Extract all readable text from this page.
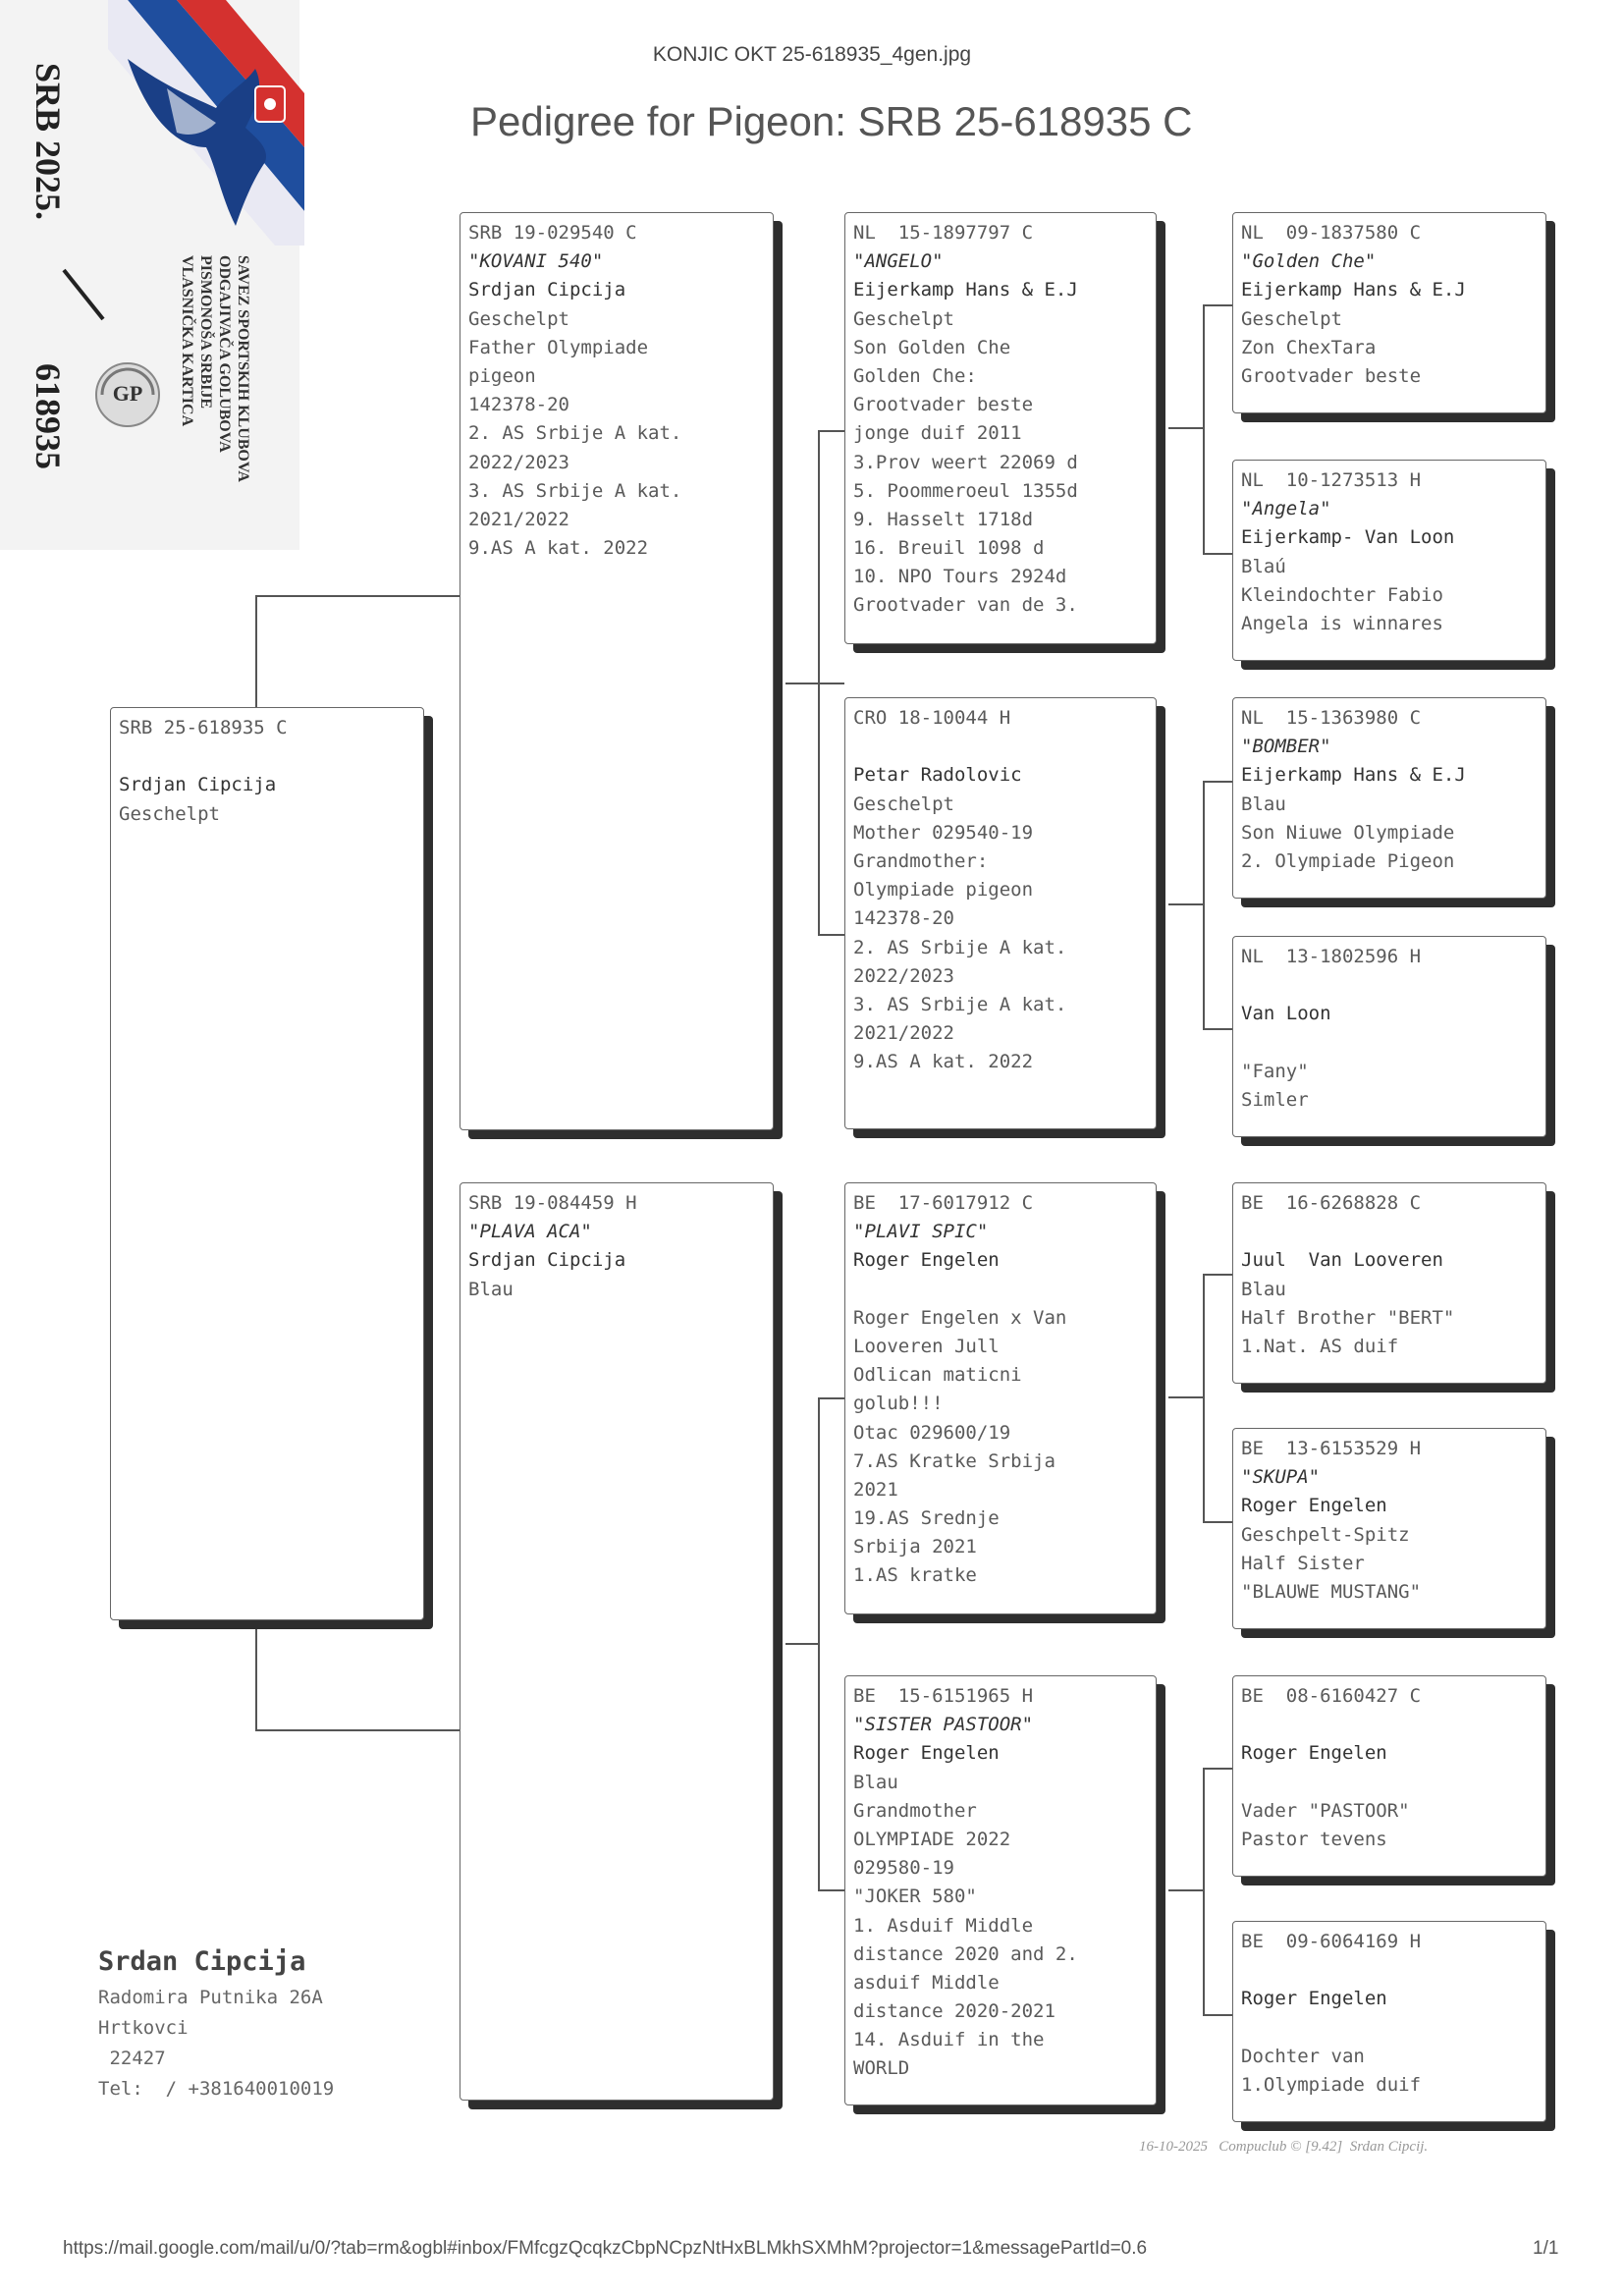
SRB 2025.
618935	SAVEZ SPORTSKIH KLUBOVA
ODGAJIVAČA GOLUBOVA
PISMONOŠA SRBIJE
VLASNIČKA KARTICA
GP
KONJIC OKT 25-618935_4gen.jpg
Pedigree for Pigeon: SRB 25-618935 C
SRB 25-618935 C
Srdjan Cipcija
Geschelpt
SRB 19-029540 C
"KOVANI 540"
Srdjan Cipcija
Geschelpt
Father Olympiade
pigeon
142378-20
2. AS Srbije A kat.
2022/2023
3. AS Srbije A kat.
2021/2022
9.AS A kat. 2022
SRB 19-084459 H
"PLAVA ACA"
Srdjan Cipcija
Blau
NL  15-1897797 C
"ANGELO"
Eijerkamp Hans & E.J
Geschelpt
Son Golden Che
Golden Che:
Grootvader beste
jonge duif 2011
3.Prov weert 22069 d
5. Poommeroeul 1355d
9. Hasselt 1718d
16. Breuil 1098 d
10. NPO Tours 2924d
Grootvader van de 3.
CRO 18-10044 H
Petar Radolovic
Geschelpt
Mother 029540-19
Grandmother:
Olympiade pigeon
142378-20
2. AS Srbije A kat.
2022/2023
3. AS Srbije A kat.
2021/2022
9.AS A kat. 2022
BE  17-6017912 C
"PLAVI SPIC"
Roger Engelen
Roger Engelen x Van
Looveren Jull
Odlican maticni
golub!!!
Otac 029600/19
7.AS Kratke Srbija
2021
19.AS Srednje
Srbija 2021
1.AS kratke
BE  15-6151965 H
"SISTER PASTOOR"
Roger Engelen
Blau
Grandmother
OLYMPIADE 2022
029580-19
"JOKER 580"
1. Asduif Middle
distance 2020 and 2.
asduif Middle
distance 2020-2021
14. Asduif in the
WORLD
NL  09-1837580 C
"Golden Che"
Eijerkamp Hans & E.J
Geschelpt
Zon ChexTara
Grootvader beste
NL  10-1273513 H
"Angela"
Eijerkamp- Van Loon
Blaú
Kleindochter Fabio
Angela is winnares
NL  15-1363980 C
"BOMBER"
Eijerkamp Hans & E.J
Blau
Son Niuwe Olympiade
2. Olympiade Pigeon
NL  13-1802596 H
Van Loon
"Fany"
Simler
BE  16-6268828 C
Juul  Van Looveren
Blau
Half Brother "BERT"
1.Nat. AS duif
BE  13-6153529 H
"SKUPA"
Roger Engelen
Geschpelt-Spitz
Half Sister
"BLAUWE MUSTANG"
BE  08-6160427 C
Roger Engelen
Vader "PASTOOR"
Pastor tevens
BE  09-6064169 H
Roger Engelen
Dochter van
1.Olympiade duif
Srdan Cipcija
Radomira Putnika 26A
Hrtkovci
22427
Tel:  / +381640010019
16-10-2025   Compuclub © [9.42]  Srdan Cipcij.
https://mail.google.com/mail/u/0/?tab=rm&ogbl#inbox/FMfcgzQcqkzCbpNCpzNtHxBLMkhSXMhM?projector=1&messagePartId=0.6	1/1
